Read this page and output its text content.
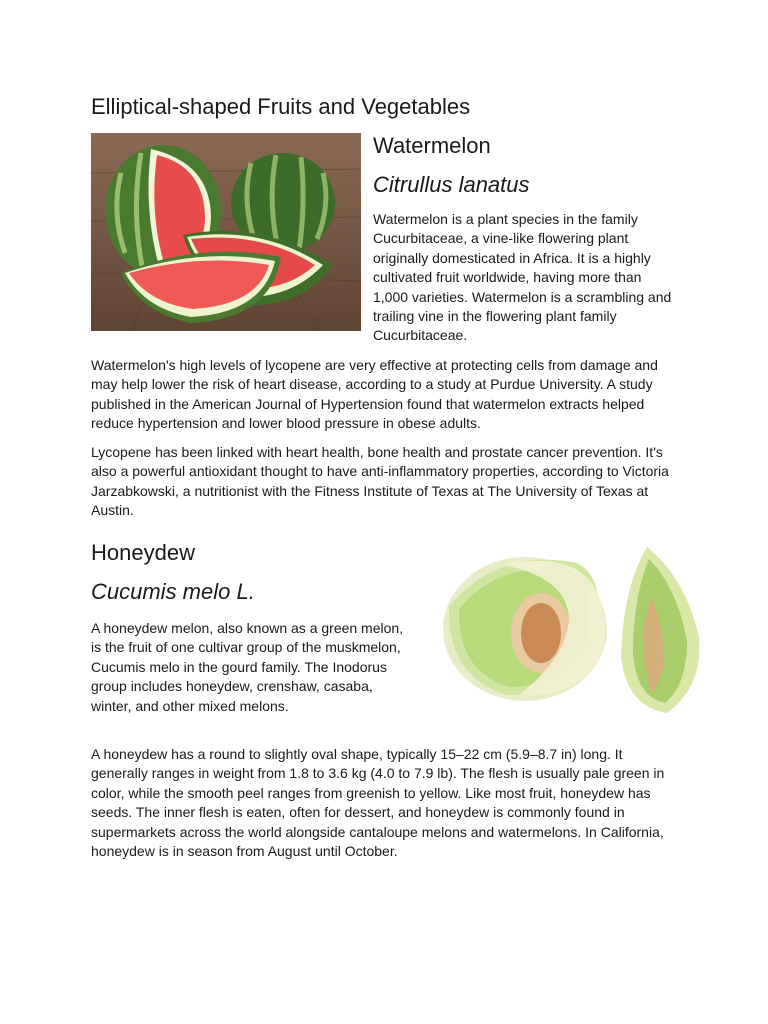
Elliptical-shaped Fruits and Vegetables
Watermelon
Citrullus lanatus

Watermelon is a plant species in the family Cucurbitaceae, a vine-like flowering plant originally domesticated in Africa. It is a highly cultivated fruit worldwide, having more than 1,000 varieties. Watermelon is a scrambling and trailing vine in the flowering plant family Cucurbitaceae.

Watermelon's high levels of lycopene are very effective at protecting cells from damage and may help lower the risk of heart disease, according to a study at Purdue University. A study published in the American Journal of Hypertension found that watermelon extracts helped reduce hypertension and lower blood pressure in obese adults.

Lycopene has been linked with heart health, bone health and prostate cancer prevention. It's also a powerful antioxidant thought to have anti-inflammatory properties, according to Victoria Jarzabkowski, a nutritionist with the Fitness Institute of Texas at The University of Texas at Austin.

Honeydew
Cucumis melo L.

A honeydew melon, also known as a green melon, is the fruit of one cultivar group of the muskmelon, Cucumis melo in the gourd family. The Inodorus group includes honeydew, crenshaw, casaba, winter, and other mixed melons.

A honeydew has a round to slightly oval shape, typically 15–22 cm (5.9–8.7 in) long. It generally ranges in weight from 1.8 to 3.6 kg (4.0 to 7.9 lb). The flesh is usually pale green in color, while the smooth peel ranges from greenish to yellow. Like most fruit, honeydew has seeds. The inner flesh is eaten, often for dessert, and honeydew is commonly found in supermarkets across the world alongside cantaloupe melons and watermelons. In California, honeydew is in season from August until October.
